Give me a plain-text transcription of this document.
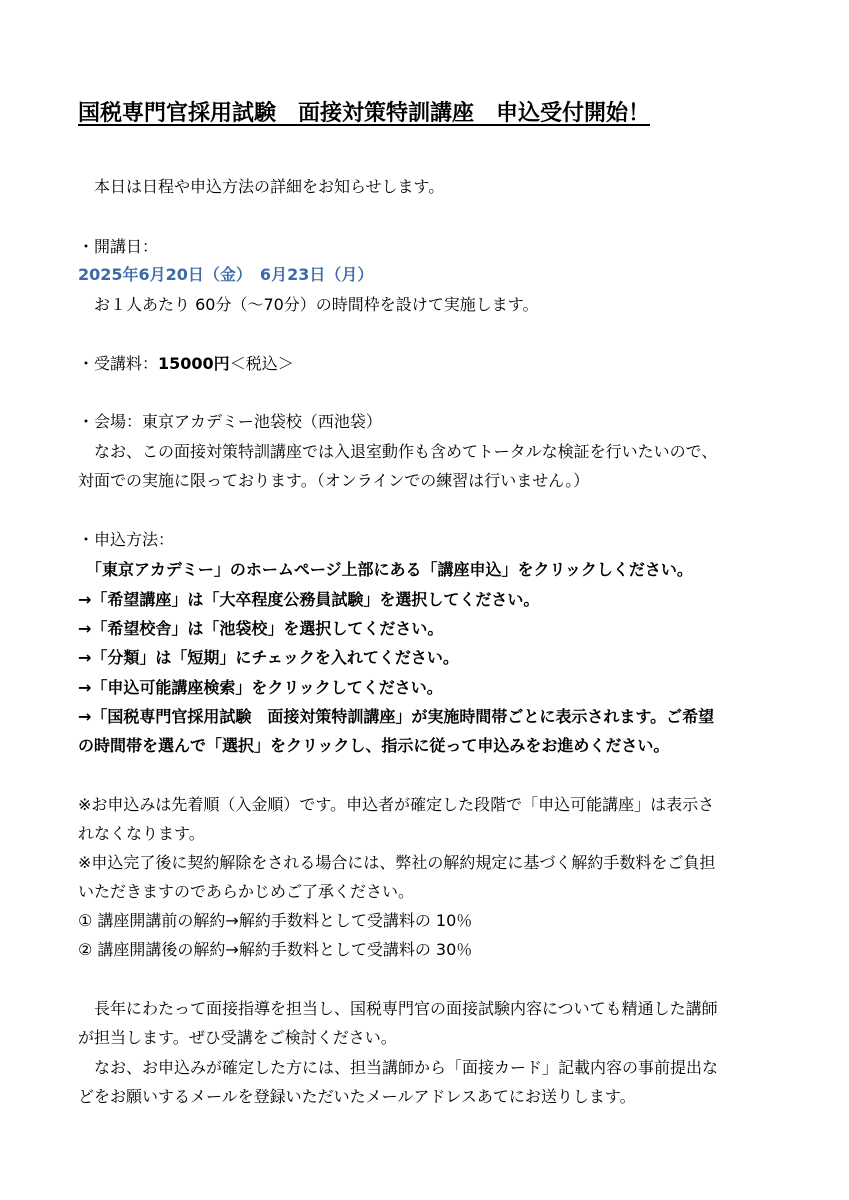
国税専門官採用試験　面接対策特訓講座　申込受付開始！

　本日は日程や申込方法の詳細をお知らせします。

・開講日：

2025年6月20日（金）　6月23日（月）

　お１人あたり 60分（～70分）の時間枠を設けて実施します。

・受講料：15000円＜税込＞

・会場：東京アカデミー池袋校（西池袋）

　なお、この面接対策特訓講座では入退室動作も含めてトータルな検証を行いたいので、

対面での実施に限っております。（オンラインでの練習は行いません。）

・申込方法：

　「東京アカデミー」のホームページ上部にある「講座申込」をクリックしください。

→「希望講座」は「大卒程度公務員試験」を選択してください。

→「希望校舎」は「池袋校」を選択してください。

→「分類」は「短期」にチェックを入れてください。

→「申込可能講座検索」をクリックしてください。

→「国税専門官採用試験　面接対策特訓講座」が実施時間帯ごとに表示されます。ご希望

の時間帯を選んで「選択」をクリックし、指示に従って申込みをお進めください。

※お申込みは先着順（入金順）です。申込者が確定した段階で「申込可能講座」は表示さ

れなくなります。

※申込完了後に契約解除をされる場合には、弊社の解約規定に基づく解約手数料をご負担

いただきますのであらかじめご了承ください。

① 講座開講前の解約→解約手数料として受講料の 10％

② 講座開講後の解約→解約手数料として受講料の 30％

　長年にわたって面接指導を担当し、国税専門官の面接試験内容についても精通した講師

が担当します。ぜひ受講をご検討ください。

　なお、お申込みが確定した方には、担当講師から「面接カード」記載内容の事前提出な

どをお願いするメールを登録いただいたメールアドレスあてにお送りします。
